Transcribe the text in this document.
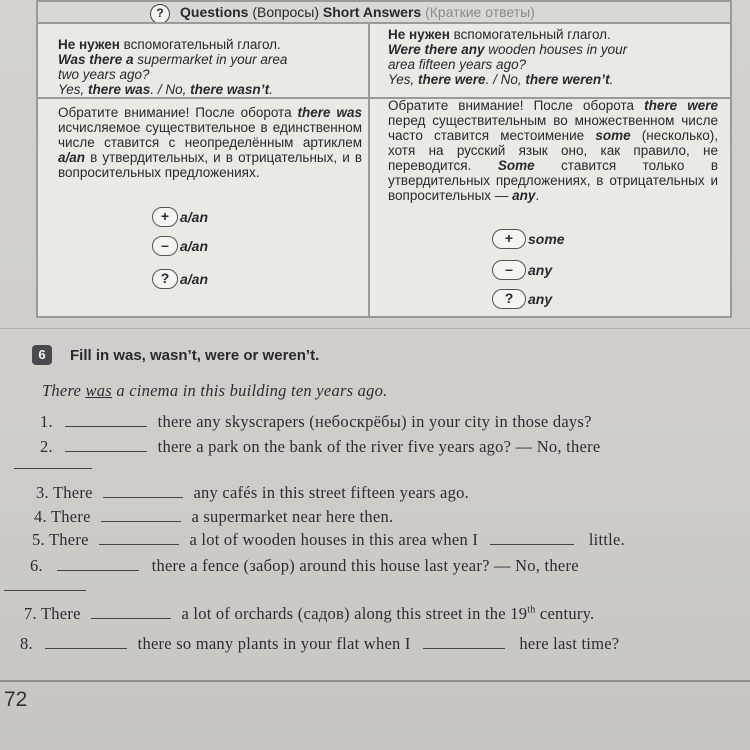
? Questions (Вопросы) Short Answers (Краткие ответы)
Не нужен вспомогательный глагол.
Was there a supermarket in your area
two years ago?
Yes, there was. / No, there wasn’t.
Не нужен вспомогательный глагол.
Were there any wooden houses in your
area fifteen years ago?
Yes, there were. / No, there weren’t.
Обратите внимание! После оборота there was исчисляемое существительное в единственном числе ставится с неопределённым артиклем a/an в утвердительных, и в отрицательных, и в вопросительных предложениях.
Обратите внимание! После оборота there were перед существительным во множественном числе часто ставится местоимение some (несколько), хотя на русский язык оно, как правило, не переводится. Some ставится только в утвердительных предложениях, в отрицательных и вопросительных — any.
+ a/an
– a/an
? a/an
+	some
–	any
?	any
6	Fill in was, wasn’t, were or weren’t.
There was a cinema in this building ten years ago.
1.	there any skyscrapers (небоскрёбы) in your city in those days?
2.	there a park on the bank of the river five years ago? — No, there
3. There	any cafés in this street fifteen years ago.
4. There	a supermarket near here then.
5. There	a lot of wooden houses in this area when I	little.
6.	there a fence (забор) around this house last year? — No, there
7. There	a lot of orchards (садов) along this street in the 19th century.
8.	there so many plants in your flat when I	here last time?
72
